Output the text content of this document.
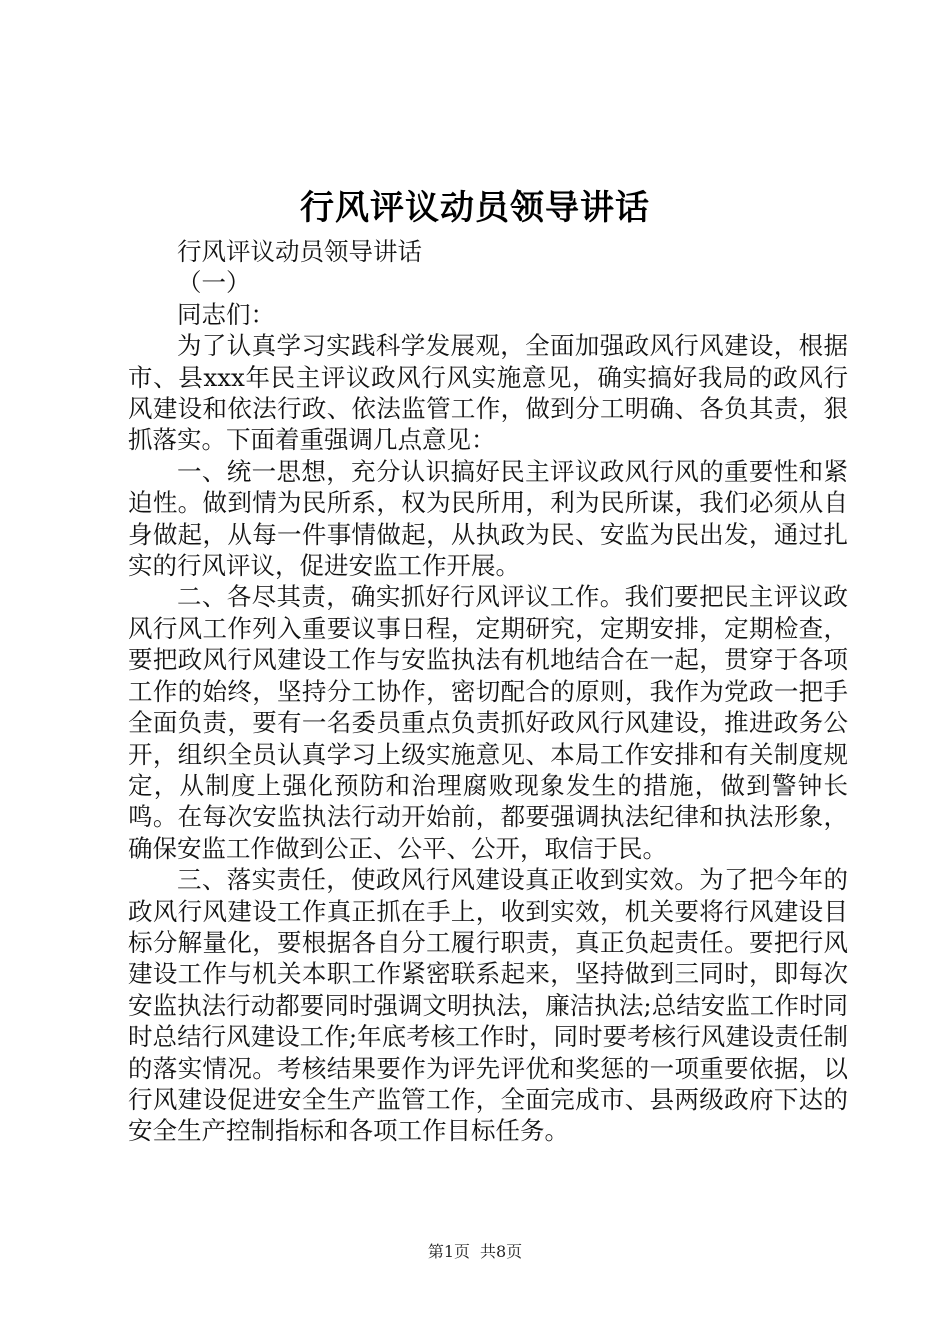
行风评议动员领导讲话

行风评议动员领导讲话

（一）

同志们：

为了认真学习实践科学发展观，全面加强政风行风建设，根据市、县xxx年民主评议政风行风实施意见，确实搞好我局的政风行风建设和依法行政、依法监管工作，做到分工明确、各负其责，狠抓落实。下面着重强调几点意见：

一、统一思想，充分认识搞好民主评议政风行风的重要性和紧迫性。做到情为民所系，权为民所用，利为民所谋，我们必须从自身做起，从每一件事情做起，从执政为民、安监为民出发，通过扎实的行风评议，促进安监工作开展。

二、各尽其责，确实抓好行风评议工作。我们要把民主评议政风行风工作列入重要议事日程，定期研究，定期安排，定期检查，要把政风行风建设工作与安监执法有机地结合在一起，贯穿于各项工作的始终，坚持分工协作，密切配合的原则，我作为党政一把手全面负责，要有一名委员重点负责抓好政风行风建设，推进政务公开，组织全员认真学习上级实施意见、本局工作安排和有关制度规定，从制度上强化预防和治理腐败现象发生的措施，做到警钟长鸣。在每次安监执法行动开始前，都要强调执法纪律和执法形象，确保安监工作做到公正、公平、公开，取信于民。

三、落实责任，使政风行风建设真正收到实效。为了把今年的政风行风建设工作真正抓在手上，收到实效，机关要将行风建设目标分解量化，要根据各自分工履行职责，真正负起责任。要把行风建设工作与机关本职工作紧密联系起来，坚持做到三同时，即每次安监执法行动都要同时强调文明执法，廉洁执法;总结安监工作时同时总结行风建设工作;年底考核工作时，同时要考核行风建设责任制的落实情况。考核结果要作为评先评优和奖惩的一项重要依据，以行风建设促进安全生产监管工作，全面完成市、县两级政府下达的安全生产控制指标和各项工作目标任务。

第1页 共8页
